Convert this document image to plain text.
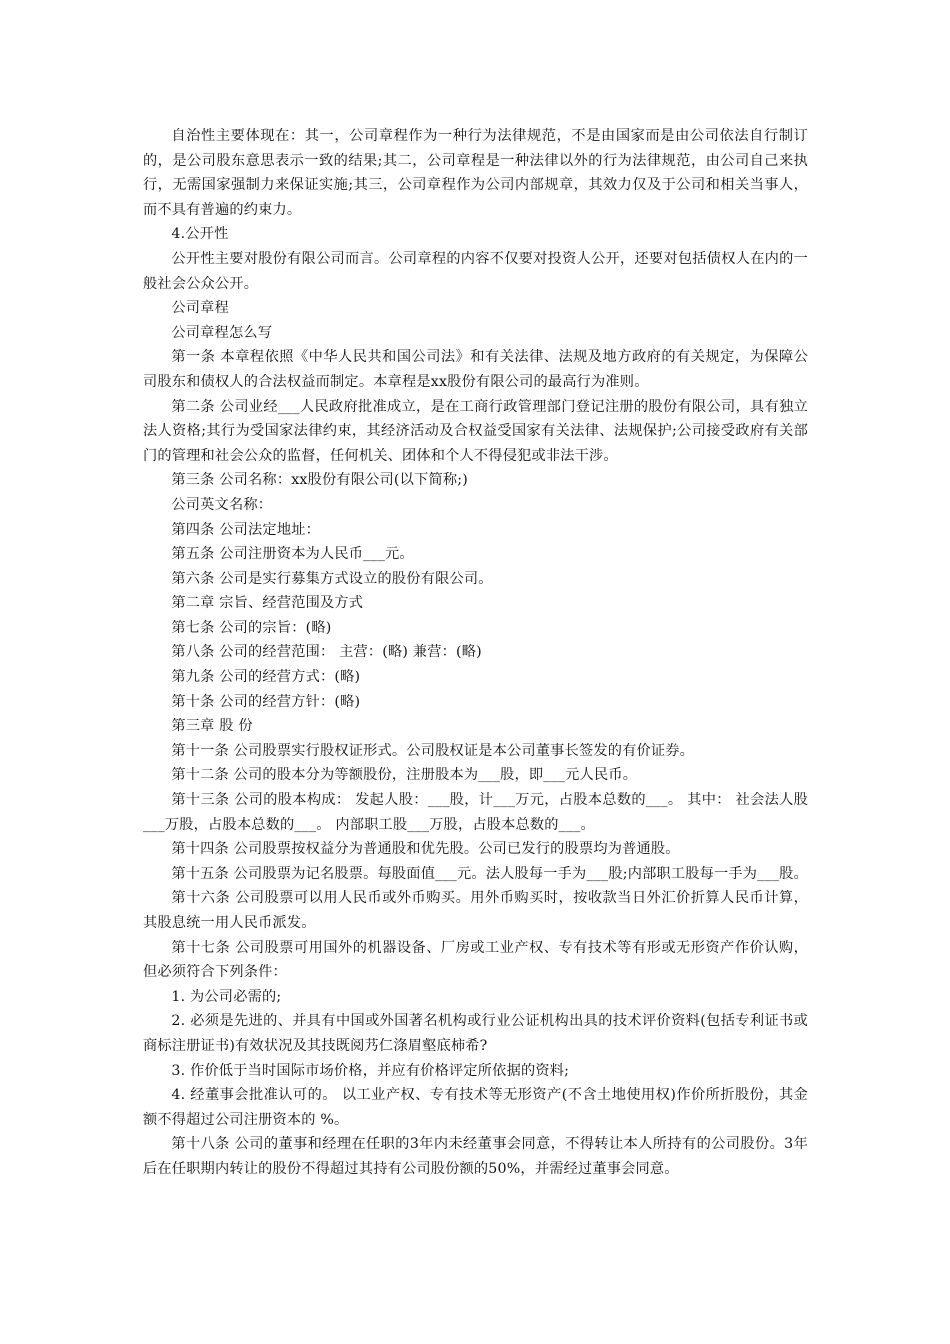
自治性主要体现在：其一，公司章程作为一种行为法律规范，不是由国家而是由公司依法自行制订的，是公司股东意思表示一致的结果;其二，公司章程是一种法律以外的行为法律规范，由公司自己来执行，无需国家强制力来保证实施;其三，公司章程作为公司内部规章，其效力仅及于公司和相关当事人，而不具有普遍的约束力。

4.公开性

公开性主要对股份有限公司而言。公司章程的内容不仅要对投资人公开，还要对包括债权人在内的一般社会公众公开。

公司章程

公司章程怎么写

第一条 本章程依照《中华人民共和国公司法》和有关法律、法规及地方政府的有关规定，为保障公司股东和债权人的合法权益而制定。本章程是xx股份有限公司的最高行为准则。

第二条 公司业经___人民政府批准成立，是在工商行政管理部门登记注册的股份有限公司，具有独立法人资格;其行为受国家法律约束，其经济活动及合权益受国家有关法律、法规保护;公司接受政府有关部门的管理和社会公众的监督，任何机关、团体和个人不得侵犯或非法干涉。

第三条 公司名称：xx股份有限公司(以下简称;)

公司英文名称：

第四条 公司法定地址：

第五条 公司注册资本为人民币___元。

第六条 公司是实行募集方式设立的股份有限公司。

第二章 宗旨、经营范围及方式

第七条 公司的宗旨：(略)

第八条 公司的经营范围： 主营：(略) 兼营：(略)

第九条 公司的经营方式：(略)

第十条 公司的经营方针：(略)

第三章 股 份

第十一条 公司股票实行股权证形式。公司股权证是本公司董事长签发的有价证券。

第十二条 公司的股本分为等额股份，注册股本为___股，即___元人民币。

第十三条 公司的股本构成： 发起人股：___股，计___万元，占股本总数的___。 其中： 社会法人股___万股，占股本总数的___。 内部职工股___万股，占股本总数的___。

第十四条 公司股票按权益分为普通股和优先股。公司已发行的股票均为普通股。

第十五条 公司股票为记名股票。每股面值___元。法人股每一手为___股;内部职工股每一手为___股。

第十六条 公司股票可以用人民币或外币购买。用外币购买时，按收款当日外汇价折算人民币计算，其股息统一用人民币派发。

第十七条 公司股票可用国外的机器设备、厂房或工业产权、专有技术等有形或无形资产作价认购，但必须符合下列条件：

1. 为公司必需的;

2. 必须是先进的、并具有中国或外国著名机构或行业公证机构出具的技术评价资料(包括专利证书或商标注册证书)有效状况及其技既阅艿仁涤眉壑底柿希?

3. 作价低于当时国际市场价格，并应有价格评定所依据的资料;

4. 经董事会批准认可的。 以工业产权、专有技术等无形资产(不含土地使用权)作价所折股份，其金额不得超过公司注册资本的 %。

第十八条 公司的董事和经理在任职的3年内未经董事会同意，不得转让本人所持有的公司股份。3年后在任职期内转让的股份不得超过其持有公司股份额的50%，并需经过董事会同意。
